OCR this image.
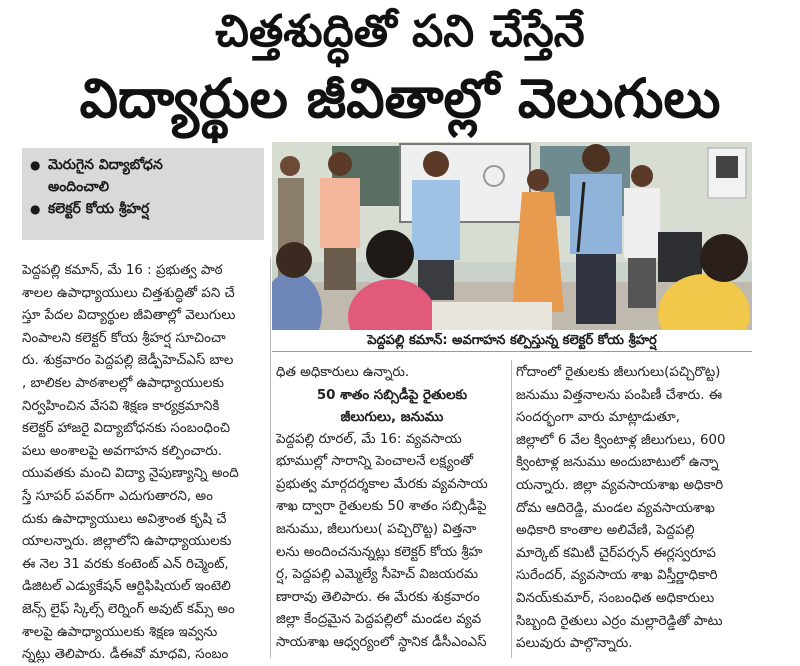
చిత్తశుద్ధితో పని చేస్తేనే
విద్యార్థుల జీవితాల్లో వెలుగులు
● మెరుగైన విద్యాబోధన
అందించాలి
● కలెక్టర్ కోయ శ్రీహర్ష
పెద్దపల్లి కమాన్: అవగాహన కల్పిస్తున్న కలెక్టర్ కోయ శ్రీహర్ష

పెద్దపల్లి కమాన్, మే 16 : ప్రభుత్వ పాఠ

శాలల ఉపాధ్యాయులు చిత్తశుద్ధితో పని చే

స్తూ పేదల విద్యార్థుల జీవితాల్లో వెలుగులు

నింపాలని కలెక్టర్ కోయ శ్రీహర్ష సూచించా

రు. శుక్రవారం పెద్దపల్లి జెడ్పీహెచ్ఎస్ బాల

, బాలికల పాఠశాలల్లో ఉపాధ్యాయులకు

నిర్వహించిన వేసవి శిక్షణ కార్యక్రమానికి

కలెక్టర్ హాజరై విద్యాబోధనకు సంబంధించి

పలు అంశాలపై అవగాహన కల్పించారు.

యువతకు మంచి విద్యా నైపుణ్యాన్ని అంది

స్తే సూపర్ పవర్‌గా ఎదుగుతారని, అం

దుకు ఉపాధ్యాయులు అవిశ్రాంత కృషి చే

యాలన్నారు. జిల్లాలోని ఉపాధ్యాయులకు

ఈ నెల 31 వరకు కంటెంట్ ఎన్ రిచ్మెంట్,

డిజిటల్ ఎడ్యుకేషన్ ఆర్టిఫిషియల్ ఇంటెలి

జెన్స్ లైఫ్ స్కిల్స్ లెర్నింగ్ అవుట్ కమ్స్ అం

శాలపై ఉపాధ్యాయులకు శిక్షణ ఇవ్వను

న్నట్లు తెలిపారు. డీఈవో మాధవి, సంబం

ధిత అధికారులు ఉన్నారు.

50 శాతం సబ్సిడీపై రైతులకు
జీలుగులు, జనుము

పెద్దపల్లి రూరల్, మే 16: వ్యవసాయ

భూముల్లో సారాన్ని పెంచాలనే లక్ష్యంతో

ప్రభుత్వ మార్గదర్శకాల మేరకు వ్యవసాయ

శాఖ ద్వారా రైతులకు 50 శాతం సబ్సిడీపై

జనుము, జీలుగులు( పచ్చిరొట్ట) విత్తనా

లను అందించనున్నట్లు కలెక్టర్ కోయ శ్రీహ

ర్ష, పెద్దపల్లి ఎమ్మెల్యే సీహెచ్ విజయరమ

ణారావు తెలిపారు. ఈ మేరకు శుక్రవారం

జిల్లా కేంద్రమైన పెద్దపల్లిలో మండల వ్యవ

సాయశాఖ ఆధ్వర్యంలో స్థానిక డీసీఎంఎస్

గోదాంలో రైతులకు జీలుగులు(పచ్చిరొట్ట)

జనుము విత్తనాలను పంపిణీ చేశారు. ఈ

సందర్భంగా వారు మాట్లాడుతూ,

జిల్లాలో 6 వేల క్వింటాళ్ల జీలుగులు, 600

క్వింటాళ్ల జనుము అందుబాటులో ఉన్నా

యన్నారు. జిల్లా వ్యవసాయశాఖ అధికారి

దోమ ఆదిరెడ్డి, మండల వ్యవసాయశాఖ

అధికారి కాంతాల అలివేణి, పెద్దపల్లి

మార్కెట్ కమిటీ చైర్‌పర్సన్ ఈర్లస్వరూప

సురేందర్, వ్యవసాయ శాఖ విస్తీర్ణాధికారి

వినయ్‌కుమార్, సంబంధిత అధికారులు

సిబ్బంది రైతులు ఎర్రం మల్లారెడ్డితో పాటు

పలువురు పాల్గొన్నారు.
